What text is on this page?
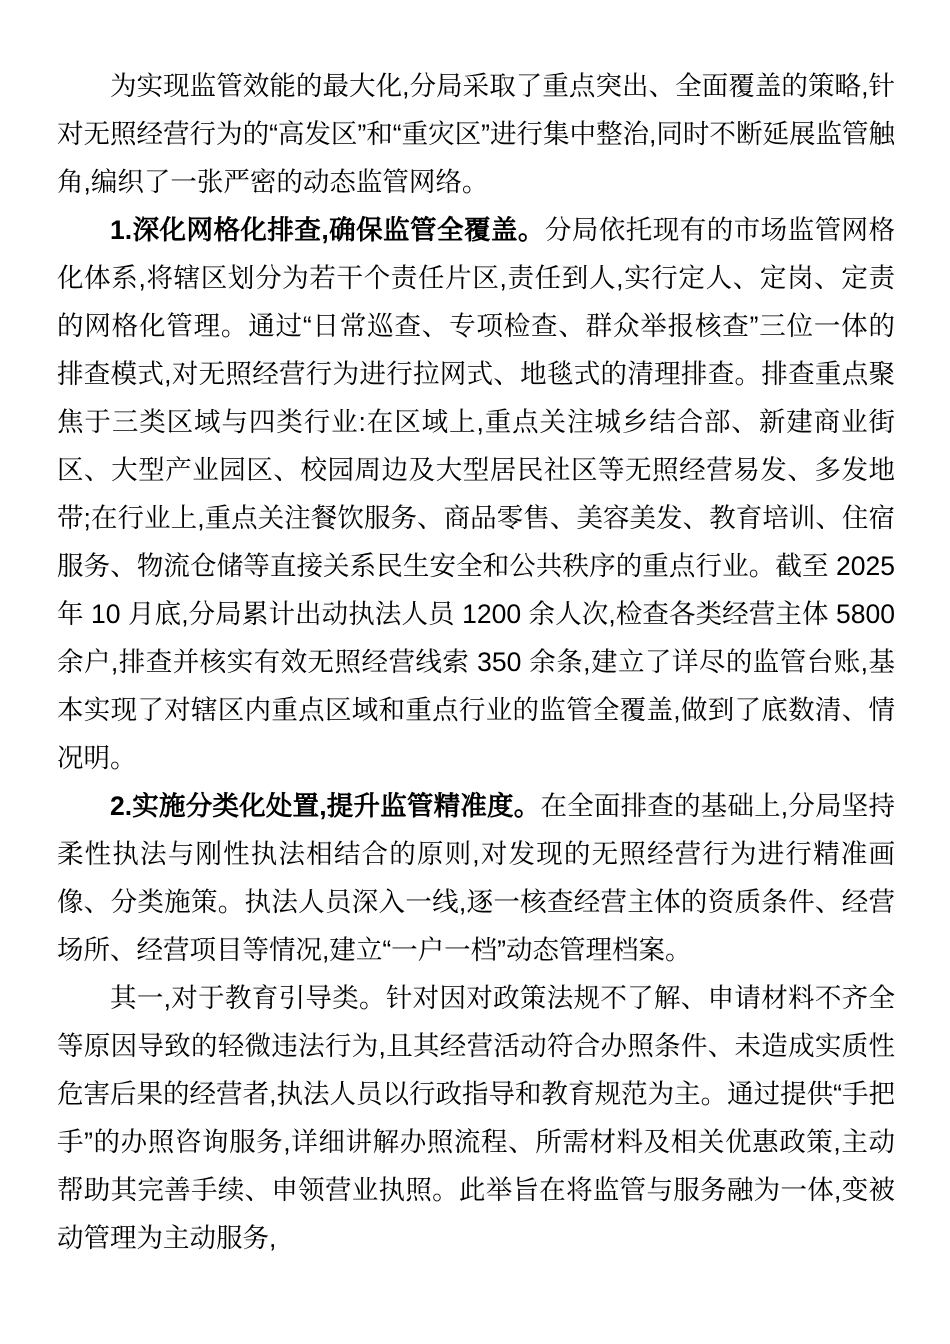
为实现监管效能的最大化,分局采取了重点突出、全面覆盖的策略,针对无照经营行为的“高发区”和“重灾区”进行集中整治,同时不断延展监管触角,编织了一张严密的动态监管网络。

1.深化网格化排查,确保监管全覆盖。分局依托现有的市场监管网格化体系,将辖区划分为若干个责任片区,责任到人,实行定人、定岗、定责的网格化管理。通过“日常巡查、专项检查、群众举报核查”三位一体的排查模式,对无照经营行为进行拉网式、地毯式的清理排查。排查重点聚焦于三类区域与四类行业:在区域上,重点关注城乡结合部、新建商业街区、大型产业园区、校园周边及大型居民社区等无照经营易发、多发地带;在行业上,重点关注餐饮服务、商品零售、美容美发、教育培训、住宿服务、物流仓储等直接关系民生安全和公共秩序的重点行业。截至 2025 年 10 月底,分局累计出动执法人员 1200 余人次,检查各类经营主体 5800 余户,排查并核实有效无照经营线索 350 余条,建立了详尽的监管台账,基本实现了对辖区内重点区域和重点行业的监管全覆盖,做到了底数清、情况明。

2.实施分类化处置,提升监管精准度。在全面排查的基础上,分局坚持柔性执法与刚性执法相结合的原则,对发现的无照经营行为进行精准画像、分类施策。执法人员深入一线,逐一核查经营主体的资质条件、经营场所、经营项目等情况,建立“一户一档”动态管理档案。

其一,对于教育引导类。针对因对政策法规不了解、申请材料不齐全等原因导致的轻微违法行为,且其经营活动符合办照条件、未造成实质性危害后果的经营者,执法人员以行政指导和教育规范为主。通过提供“手把手”的办照咨询服务,详细讲解办照流程、所需材料及相关优惠政策,主动帮助其完善手续、申领营业执照。此举旨在将监管与服务融为一体,变被动管理为主动服务,
